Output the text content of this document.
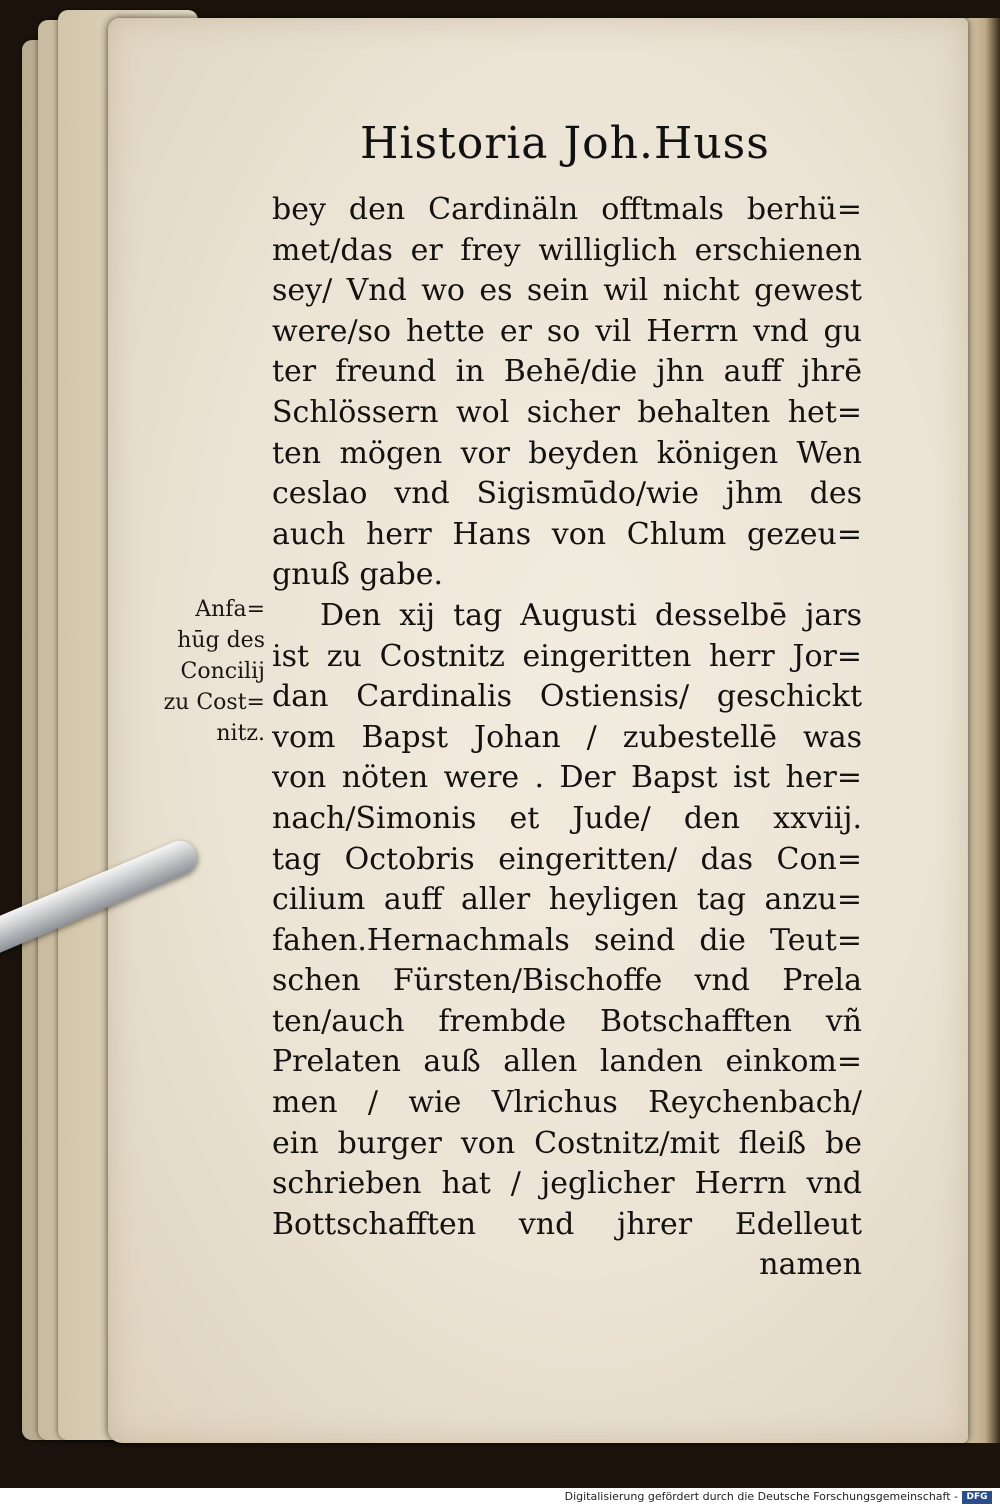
Historia Joh.Huss
Anfa=
hūg des
Concilij
zu Cost=
nitz.
bey den Cardinäln offtmals berhü=
met/das er frey williglich erschienen
sey/ Vnd wo es sein wil nicht gewest
were/so hette er so vil Herrn vnd gu
ter freund in Behē/die jhn auff jhrē
Schlössern wol sicher behalten het=
ten mögen vor beyden königen Wen
ceslao vnd Sigismūdo/wie jhm des
auch herr Hans von Chlum gezeu=
gnuß gabe.
Den xij tag Augusti desselbē jars
ist zu Costnitz eingeritten herr Jor=
dan Cardinalis Ostiensis/ geschickt
vom Bapst Johan / zubestellē was
von nöten were . Der Bapst ist her=
nach/Simonis et Jude/ den xxviij.
tag Octobris eingeritten/ das Con=
cilium auff aller heyligen tag anzu=
fahen.Hernachmals seind die Teut=
schen Fürsten/Bischoffe vnd Prela
ten/auch frembde Botschafften vñ
Prelaten auß allen landen einkom=
men / wie Vlrichus Reychenbach/
ein burger von Costnitz/mit fleiß be
schrieben hat / jeglicher Herrn vnd
Bottschafften vnd jhrer Edelleut
namen
Digitalisierung gefördert durch die Deutsche Forschungsgemeinschaft - DFG
